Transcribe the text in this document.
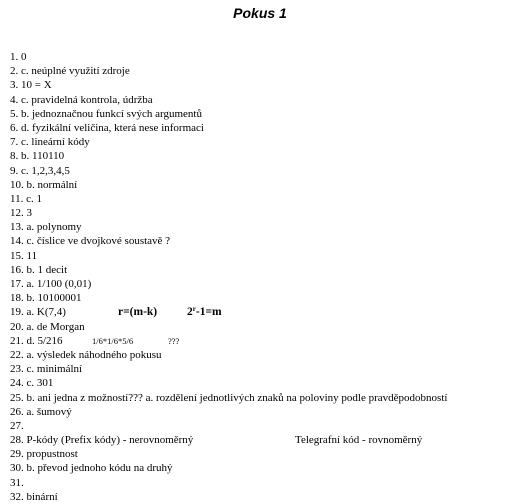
Pokus 1
1. 0
2. c. neúplné využití zdroje
3. 10 = X
4. c. pravidelná kontrola, údržba
5. b. jednoznačnou funkcí svých argumentů
6. d. fyzikální veličina, která nese informaci
7. c. lineární kódy
8. b. 110110
9. c. 1,2,3,4,5
10. b. normální
11. c. 1
12. 3
13. a. polynomy
14. c. číslice ve dvojkové soustavě ?
15. 11
16. b. 1 decit
17. a. 1/100 (0,01)
18. b. 10100001
19. a. K(7,4)	r=(m-k)	$2^r-1=m$
20. a. de Morgan
21. d. 5/216	1/6*1/6*5/6	???
22. a. výsledek náhodného pokusu
23. c. minimální
24. c. 301
25. b. ani jedna z možností??? a. rozdělení jednotlivých znaků na poloviny podle pravděpodobností
26. a. šumový
27.
28. P-kódy (Prefix kódy) - nerovnoměrný	Telegrafní kód - rovnoměrný
29. propustnost
30. b. převod jednoho kódu na druhý
31.
32. binární
